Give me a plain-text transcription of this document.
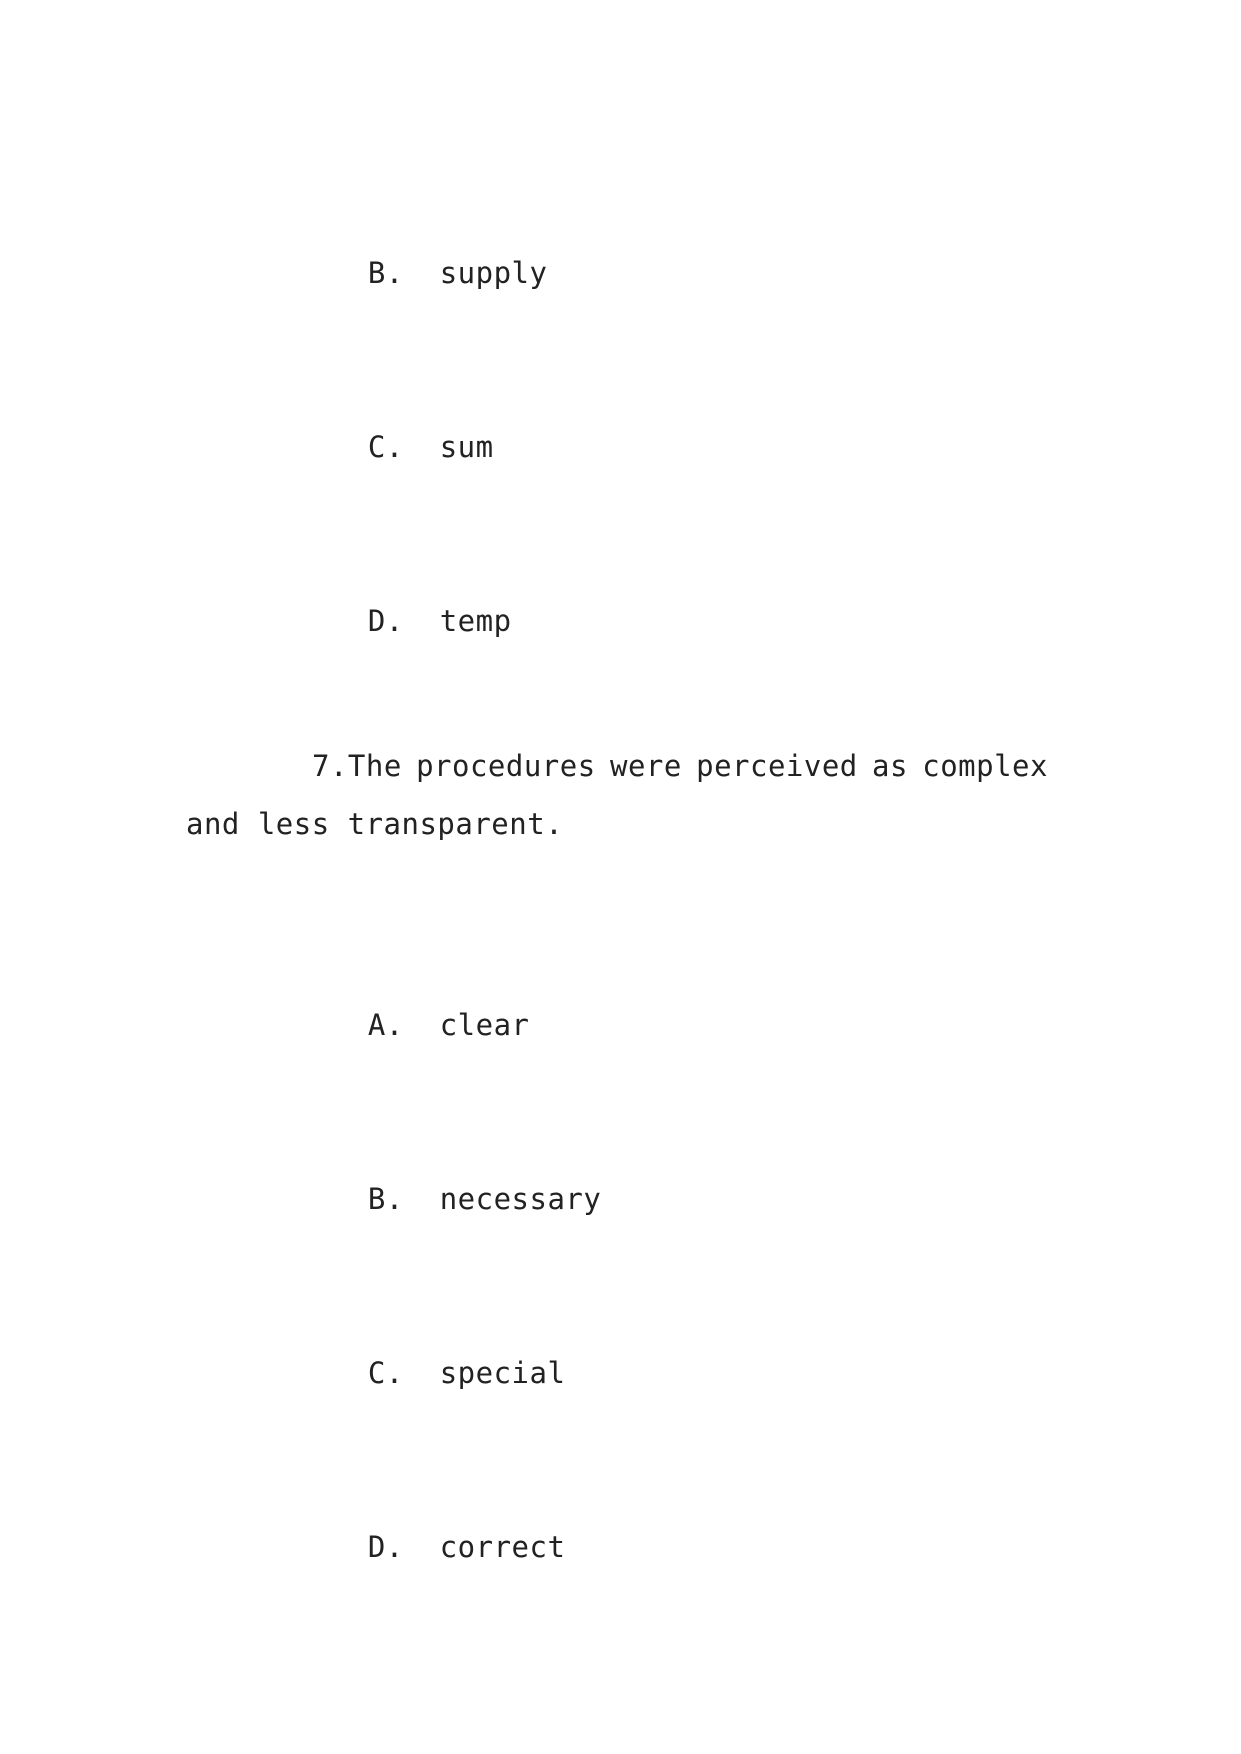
B. supply

C. sum

D. temp

7.The procedures were perceived as complex
and less transparent.

A. clear

B. necessary

C. special

D. correct
